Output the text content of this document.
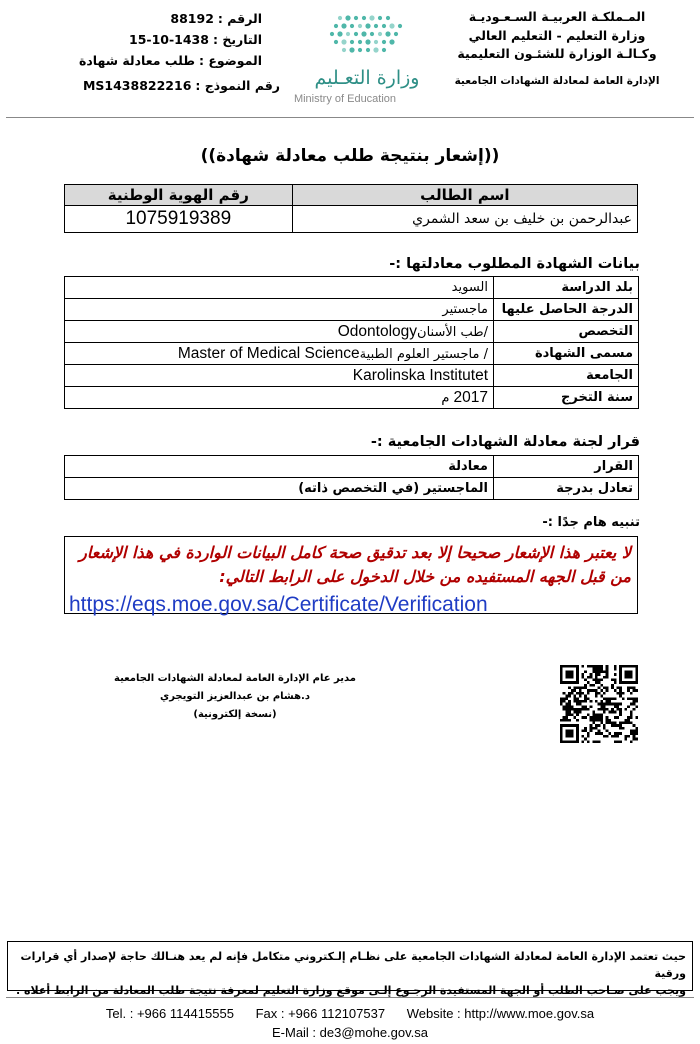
المـملكـة العربيـة السـعـوديـة
وزارة التعليم - التعليم العالي
وكـالـة الوزارة للشئـون التعليمية
الإدارة العامة لمعادلة الشهادات الجامعية
وزارة التعـليم
Ministry of Education
الرقم :
88192
التاريخ :
15-10-1438
الموضوع :
طلب معادلة شهادة
رقم النموذج :
MS1438822216
((إشعار بنتيجة طلب معادلة شهادة))
اسم الطالب	رقم الهوية الوطنية
عبدالرحمن بن خليف بن سعد الشمري	1075919389
بيانات الشهادة المطلوب معادلتها :-
بلد الدراسة	السويد
الدرجة الحاصل عليها	ماجستير
التخصص	/طب الأسنانOdontology
مسمى الشهادة	/ ماجستير العلوم الطبيةMaster of Medical Science
الجامعة	Karolinska Institutet
سنة التخرج	2017 م
قرار لجنة معادلة الشهادات الجامعية :-
القرار	معادلة
تعادل بدرجة	الماجستير (في التخصص ذاته)
تنبيه هام جدًا :-
لا يعتبر هذا الإشعار صحيحا إلا بعد تدقيق صحة كامل البيانات الواردة في هذا الإشعار من قبل الجهه المستفيده من خلال الدخول على الرابط التالي:
https://eqs.moe.gov.sa/Certificate/Verification
مدير عام الإدارة العامة لمعادلة الشهادات الجامعية
د.هشام بن عبدالعزيز التويجري
(نسخة إلكترونية)
حيث تعتمد الإدارة العامة لمعادلة الشهادات الجامعية على نظـام إلـكتروني متكامل فإنه لم يعد هنـالك حاجة لإصدار أي قرارات ورقية
ويجب على صـاحب الطلب أو الجهة المستفيدة الرجـوع إلـى موقع وزارة التعليم لمعرفة نتيجة طلب المعادلة من الرابط أعلاه .
Tel. : +966 114415555 Fax : +966 112107537 Website : http://www.moe.gov.sa
E-Mail : de3@mohe.gov.sa
